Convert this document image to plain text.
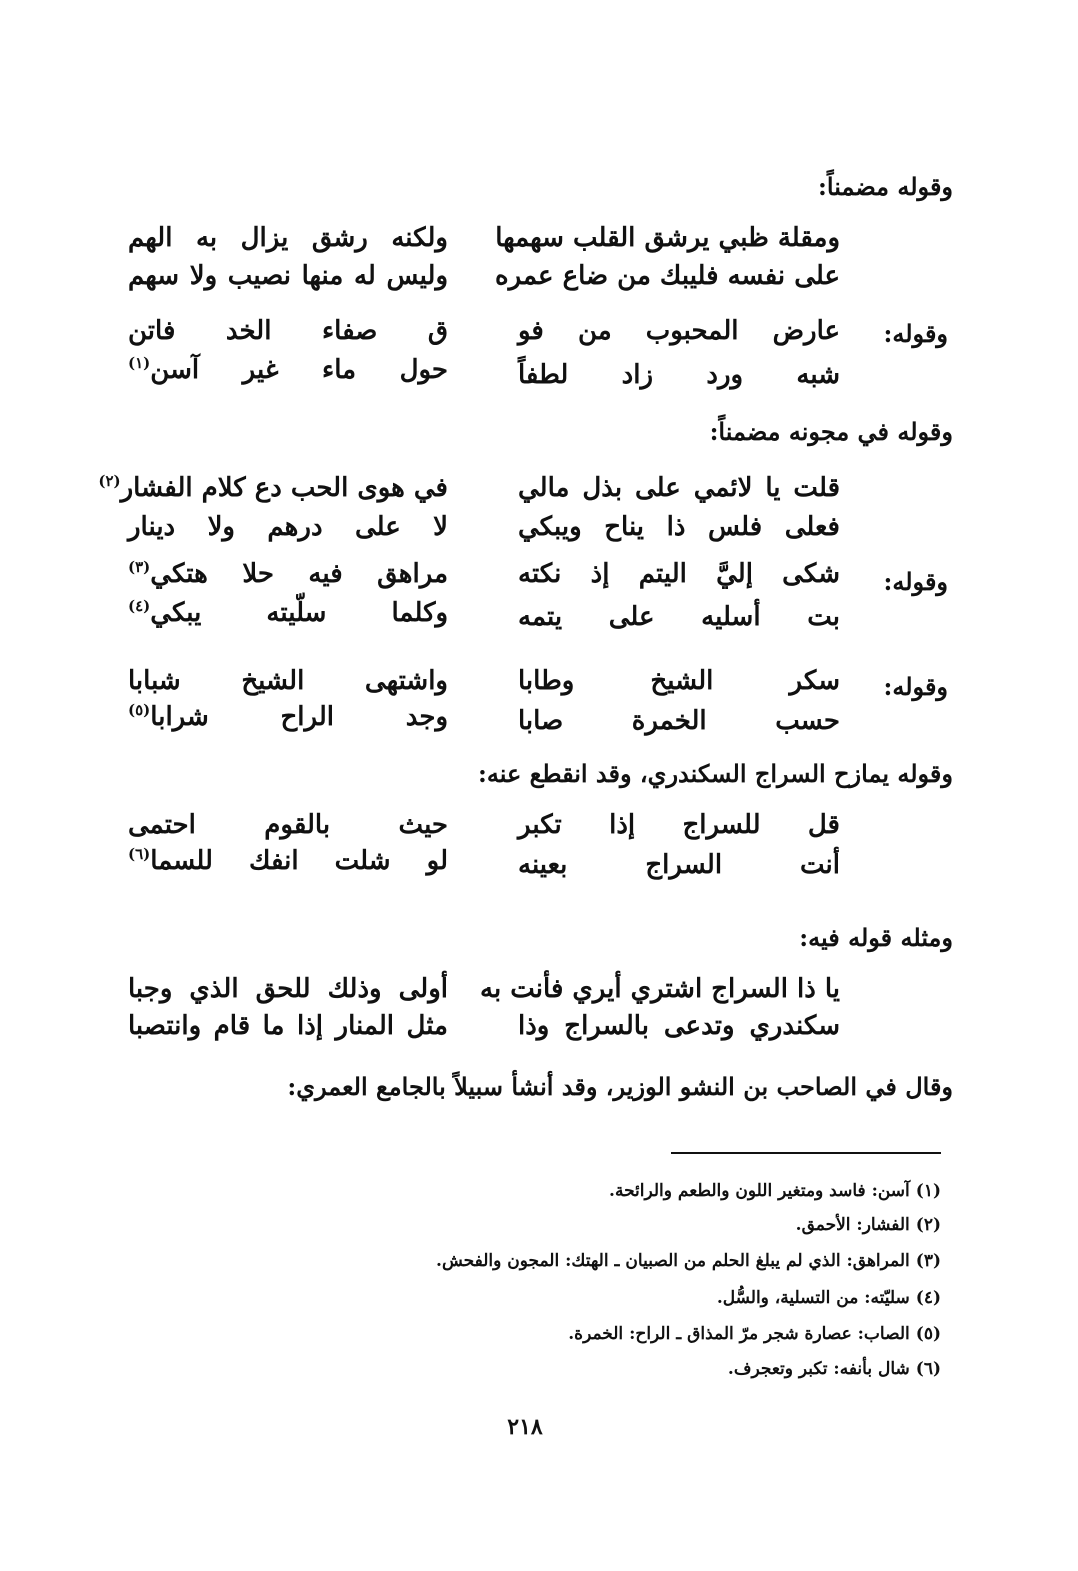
وقوله مضمناً:
ومقلة ظبي يرشق القلب سهمها
ولكنه رشق يزال به الهم
على نفسه فليبك من ضاع عمره
وليس له منها نصيب ولا سهم
وقوله:
عارض المحبوب من فو
ق صفاء الخد فاتن
شبه ورد زاد لطفاً
حول ماء غير آسن$^{(١)}$
وقوله في مجونه مضمناً:
قلت يا لائمي على بذل مالي
في هوى الحب دع كلام الفشار$^{(٢)}$
فعلى فلس ذا يناح ويبكي
لا على درهم ولا دينار
وقوله:
شكى إليَّ اليتم إذ نكته
مراهق فيه حلا هتكي$^{(٣)}$
بت أسليه على يتمه
وكلما سلّيته يبكي$^{(٤)}$
وقوله:
سكر الشيخ وطابا
واشتهى الشيخ شبابا
حسب الخمرة صابا
وجد الراح شرابا$^{(٥)}$
وقوله يمازح السراج السكندري، وقد انقطع عنه:
قل للسراج إذا تكبر
حيث بالقوم احتمى
أنت السراج بعينه
لو شلت انفك للسما$^{(٦)}$
ومثله قوله فيه:
يا ذا السراج اشتري أيري فأنت به
أولى وذلك للحق الذي وجبا
سكندري وتدعى بالسراج وذا
مثل المنار إذا ما قام وانتصبا
وقال في الصاحب بن النشو الوزير، وقد أنشأ سبيلاً بالجامع العمري:
(١)آسن: فاسد ومتغير اللون والطعم والرائحة.
(٢)الفشار: الأحمق.
(٣)المراهق: الذي لم يبلغ الحلم من الصبيان ـ الهتك: المجون والفحش.
(٤)سليّته: من التسلية، والسُّل.
(٥)الصاب: عصارة شجر مرّ المذاق ـ الراح: الخمرة.
(٦)شال بأنفه: تكبر وتعجرف.
٢١٨
